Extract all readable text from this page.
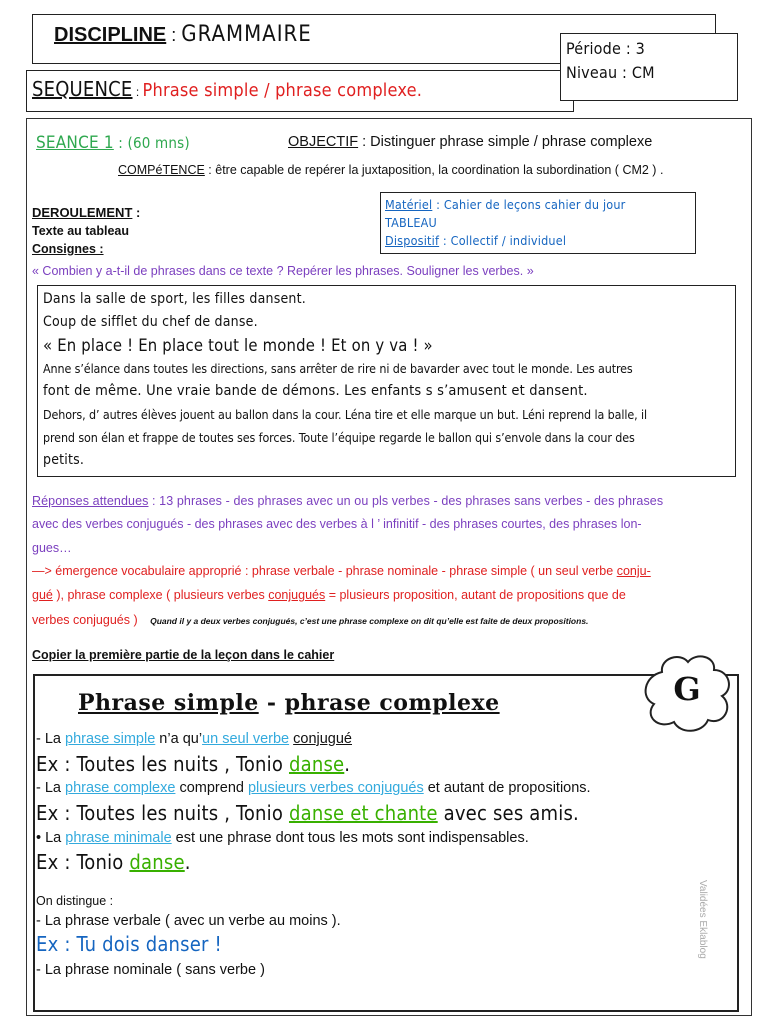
DISCIPLINE : GRAMMAIRE
SEQUENCE : Phrase simple / phrase complexe.
Période : 3
Niveau : CM
SEANCE 1 : (60 mns)	OBJECTIF : Distinguer phrase simple / phrase complexe
COMPéTENCE : être capable de repérer la juxtaposition, la coordination la subordination ( CM2 ) .
DEROULEMENT :
Texte au tableau
Consignes :
Matériel : Cahier de leçons cahier du jour
TABLEAU
Dispositif : Collectif / individuel
« Combien y a-t-il de phrases dans ce texte ? Repérer les phrases. Souligner les verbes. »
Dans la salle de sport, les filles dansent.
Coup de sifflet du chef de danse.
« En place ! En place tout le monde ! Et on y va ! »
Anne s’élance dans toutes les directions, sans arrêter de rire ni de bavarder avec tout le monde. Les autres
font de même. Une vraie bande de démons. Les enfants s s’amusent et dansent.
Dehors, d’ autres élèves jouent au ballon dans la cour. Léna tire et elle marque un but. Léni reprend la balle, il
prend son élan et frappe de toutes ses forces. Toute l’équipe regarde le ballon qui s’envole dans la cour des
petits.
Réponses attendues : 13 phrases - des phrases avec un ou pls verbes - des phrases sans verbes - des phrases
avec des verbes conjugués - des phrases avec des verbes à l ’ infinitif - des phrases courtes, des phrases lon-
gues…
—> émergence vocabulaire approprié : phrase verbale - phrase nominale - phrase simple ( un seul verbe conju-
gué ), phrase complexe ( plusieurs verbes conjugués = plusieurs proposition, autant de propositions que de
verbes conjugués ) Quand il y a deux verbes conjugués, c’est une phrase complexe on dit qu’elle est faite de deux propositions.
Copier la première partie de la leçon dans le cahier
G
Phrase simple - phrase complexe
- La phrase simple n’a qu’un seul verbe conjugué
Ex : Toutes les nuits , Tonio danse.
- La phrase complexe comprend plusieurs verbes conjugués et autant de propositions.
Ex : Toutes les nuits , Tonio danse et chante avec ses amis.
• La phrase minimale est une phrase dont tous les mots sont indispensables.
Ex : Tonio danse.
On distingue :
- La phrase verbale ( avec un verbe au moins ).
Ex : Tu dois danser !
- La phrase nominale ( sans verbe )
Validées Eklablog
